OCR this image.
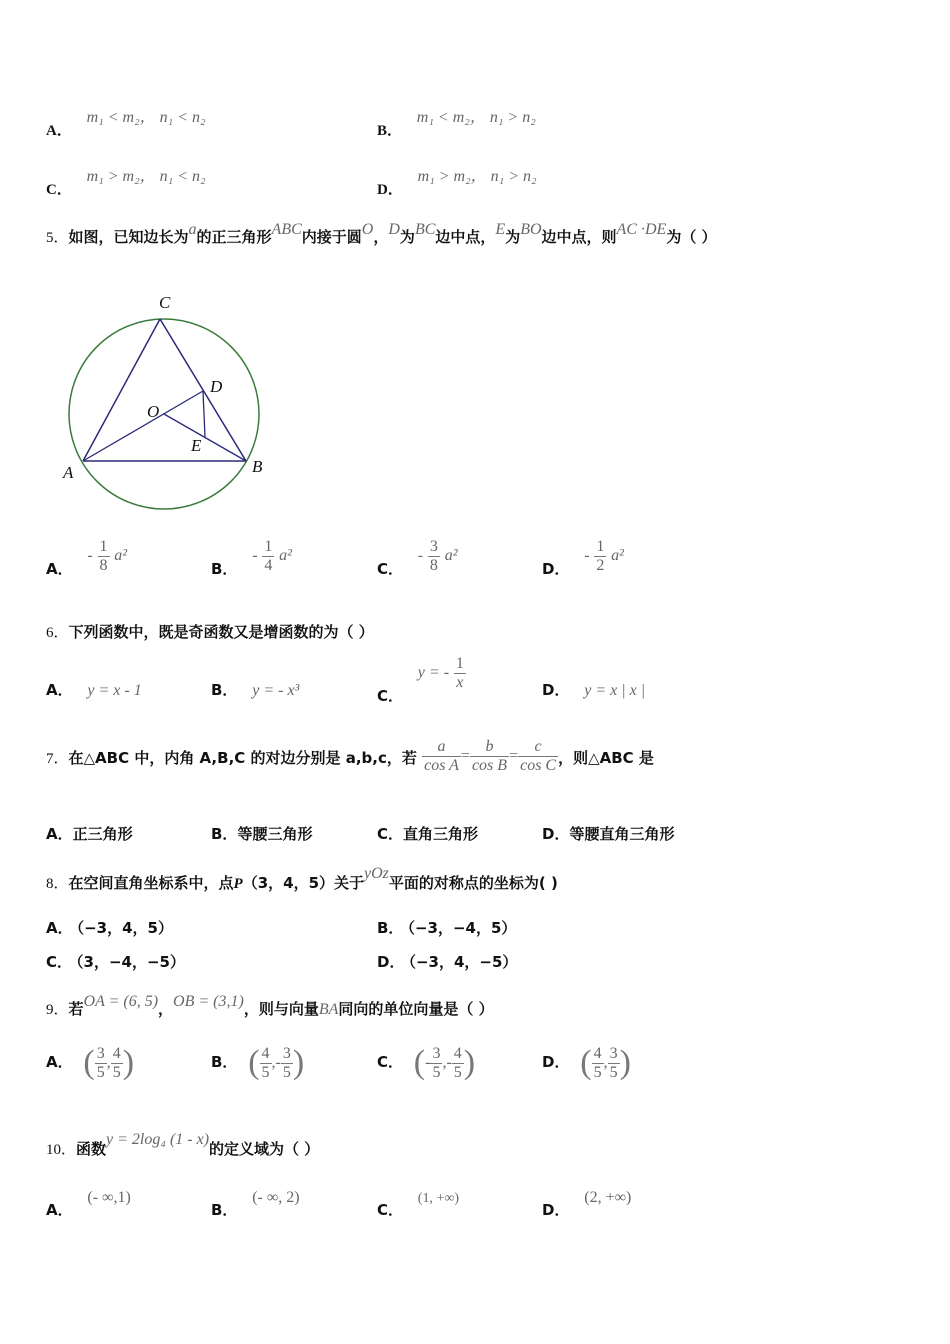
A． m₁ < m₂， n₁ < n₂
B． m₁ < m₂， n₁ > n₂
C． m₁ > m₂， n₁ < n₂
D． m₁ > m₂， n₁ > n₂
5．如图，已知边长为a的正三角形ABC内接于圆O，D为BC边中点，E为BO边中点，则AC ·DE为（ ）
C
D
O
E
A	B
A． - $\frac{1}{8} a^2$
B． - $\frac{1}{4} a^2$
C． - $\frac{3}{8} a^2$
D． - $\frac{1}{2} a^2$
6．下列函数中，既是奇函数又是增函数的为（ ）
A． y = x - 1	B． y = - x³	C． y = - $\frac{1}{x}$	D． y = x | x |
7．在△ABC 中，内角 A,B,C 的对边分别是 a,b,c，若 $\frac{a}{\text{cos A}} = \frac{b}{\text{cos B}} = \frac{c}{\text{cos C}}$ ，则△ABC 是
A．正三角形	B．等腰三角形	C．直角三角形	D．等腰直角三角形
8．在空间直角坐标系中，点P（3，4，5）关于yOz平面的对称点的坐标为( )
A． （−3，4，5）	B． （−3，−4，5）
C． （3，−4，−5）	D． （−3，4，−5）
9．若OA = (6, 5)，OB = (3,1)，则与向量BA同向的单位向量是（ ）
A． ( $\frac{3}{5}$ , $\frac{4}{5}$ )	B． ( $\frac{4}{5}$ ,- $\frac{3}{5}$ )	C． (- $\frac{3}{5}$ ,- $\frac{4}{5}$ )	D． ( $\frac{4}{5}$ , $\frac{3}{5}$ )
10．函数y = 2log₄ (1 - x)的定义域为（ ）
A． (- ∞,1)
B． (- ∞, 2)
C． (1, +∞)
D． (2, +∞)
